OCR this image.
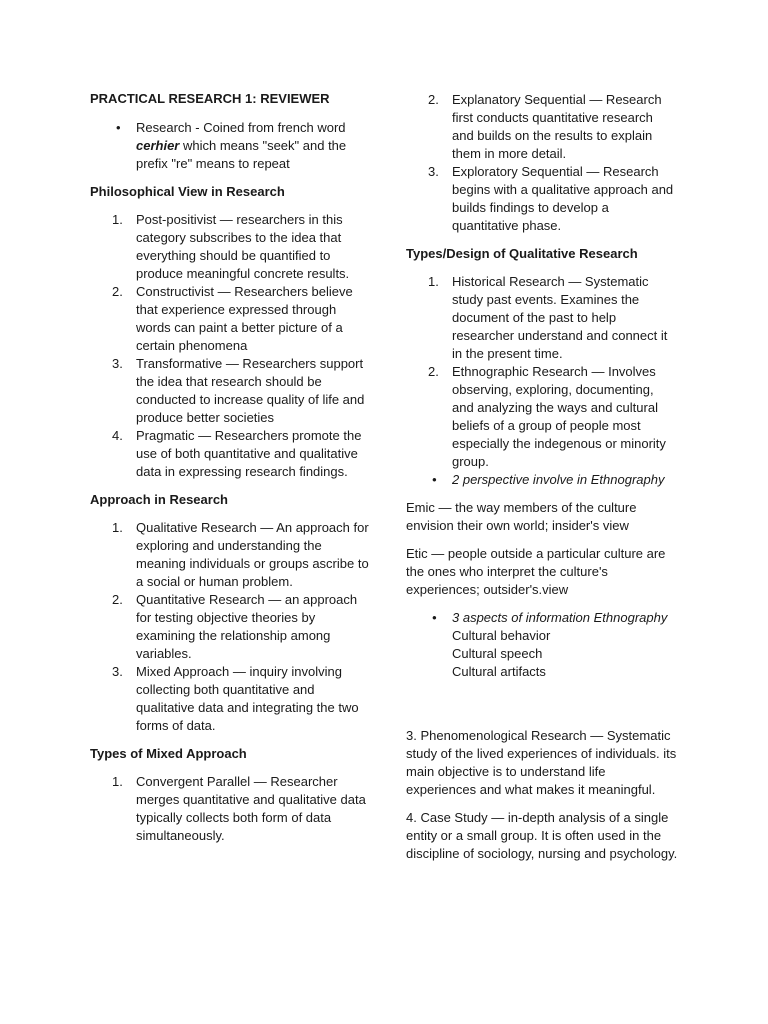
PRACTICAL RESEARCH 1: REVIEWER
• Research - Coined from french word cerhier which means "seek" and the prefix "re" means to repeat
Philosophical View in Research
1. Post-positivist — researchers in this category subscribes to the idea that everything should be quantified to produce meaningful concrete results.
2. Constructivist — Researchers believe that experience expressed through words can paint a better picture of a certain phenomena
3. Transformative — Researchers support the idea that research should be conducted to increase quality of life and produce better societies
4. Pragmatic — Researchers promote the use of both quantitative and qualitative data in expressing research findings.
Approach in Research
1. Qualitative Research — An approach for exploring and understanding the meaning individuals or groups ascribe to a social or human problem.
2. Quantitative Research — an approach for testing objective theories by examining the relationship among variables.
3. Mixed Approach — inquiry involving collecting both quantitative and qualitative data and integrating the two forms of data.
Types of Mixed Approach
1. Convergent Parallel — Researcher merges quantitative and qualitative data typically collects both form of data simultaneously.
2. Explanatory Sequential — Research first conducts quantitative research and builds on the results to explain them in more detail.
3. Exploratory Sequential — Research begins with a qualitative approach and builds findings to develop a quantitative phase.
Types/Design of Qualitative Research
1. Historical Research — Systematic study past events. Examines the document of the past to help researcher understand and connect it in the present time.
2. Ethnographic Research — Involves observing, exploring, documenting, and analyzing the ways and cultural beliefs of a group of people most especially the indegenous or minority group.
• 2 perspective involve in Ethnography

Emic — the way members of the culture envision their own world; insider's view

Etic — people outside a particular culture are the ones who interpret the culture's experiences; outsider's.view

• 3 aspects of information Ethnography
Cultural behavior
Cultural speech
Cultural artifacts

3. Phenomenological Research — Systematic study of the lived experiences of individuals. its main objective is to understand life experiences and what makes it meaningful.

4. Case Study — in-depth analysis of a single entity or a small group. It is often used in the discipline of sociology, nursing and psychology.
